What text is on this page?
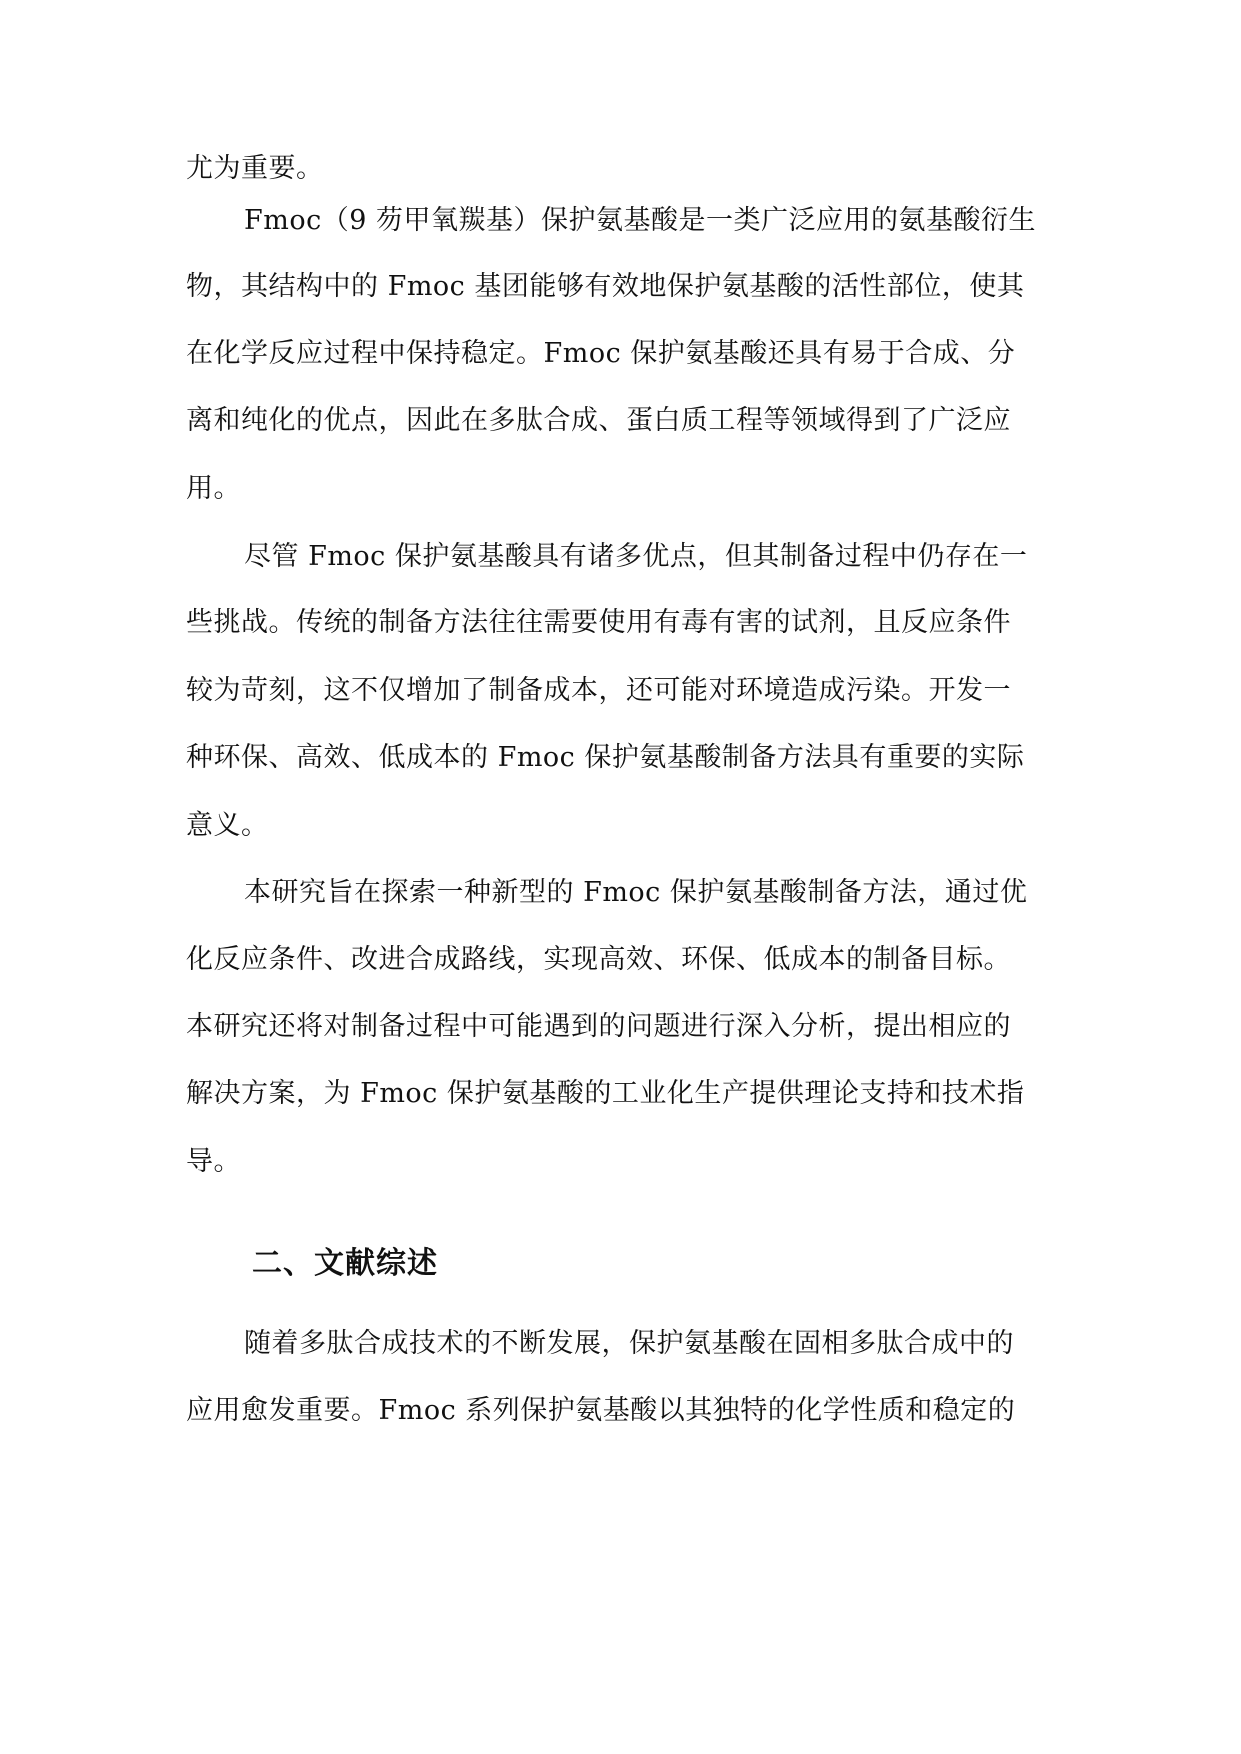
尤为重要。
Fmoc（9 芴甲氧羰基）保护氨基酸是一类广泛应用的氨基酸衍生
物，其结构中的 Fmoc 基团能够有效地保护氨基酸的活性部位，使其
在化学反应过程中保持稳定。Fmoc 保护氨基酸还具有易于合成、分
离和纯化的优点，因此在多肽合成、蛋白质工程等领域得到了广泛应
用。
尽管 Fmoc 保护氨基酸具有诸多优点，但其制备过程中仍存在一
些挑战。传统的制备方法往往需要使用有毒有害的试剂，且反应条件
较为苛刻，这不仅增加了制备成本，还可能对环境造成污染。开发一
种环保、高效、低成本的 Fmoc 保护氨基酸制备方法具有重要的实际
意义。
本研究旨在探索一种新型的 Fmoc 保护氨基酸制备方法，通过优
化反应条件、改进合成路线，实现高效、环保、低成本的制备目标。
本研究还将对制备过程中可能遇到的问题进行深入分析，提出相应的
解决方案，为 Fmoc 保护氨基酸的工业化生产提供理论支持和技术指
导。
二、文献综述
随着多肽合成技术的不断发展，保护氨基酸在固相多肽合成中的
应用愈发重要。Fmoc 系列保护氨基酸以其独特的化学性质和稳定的
